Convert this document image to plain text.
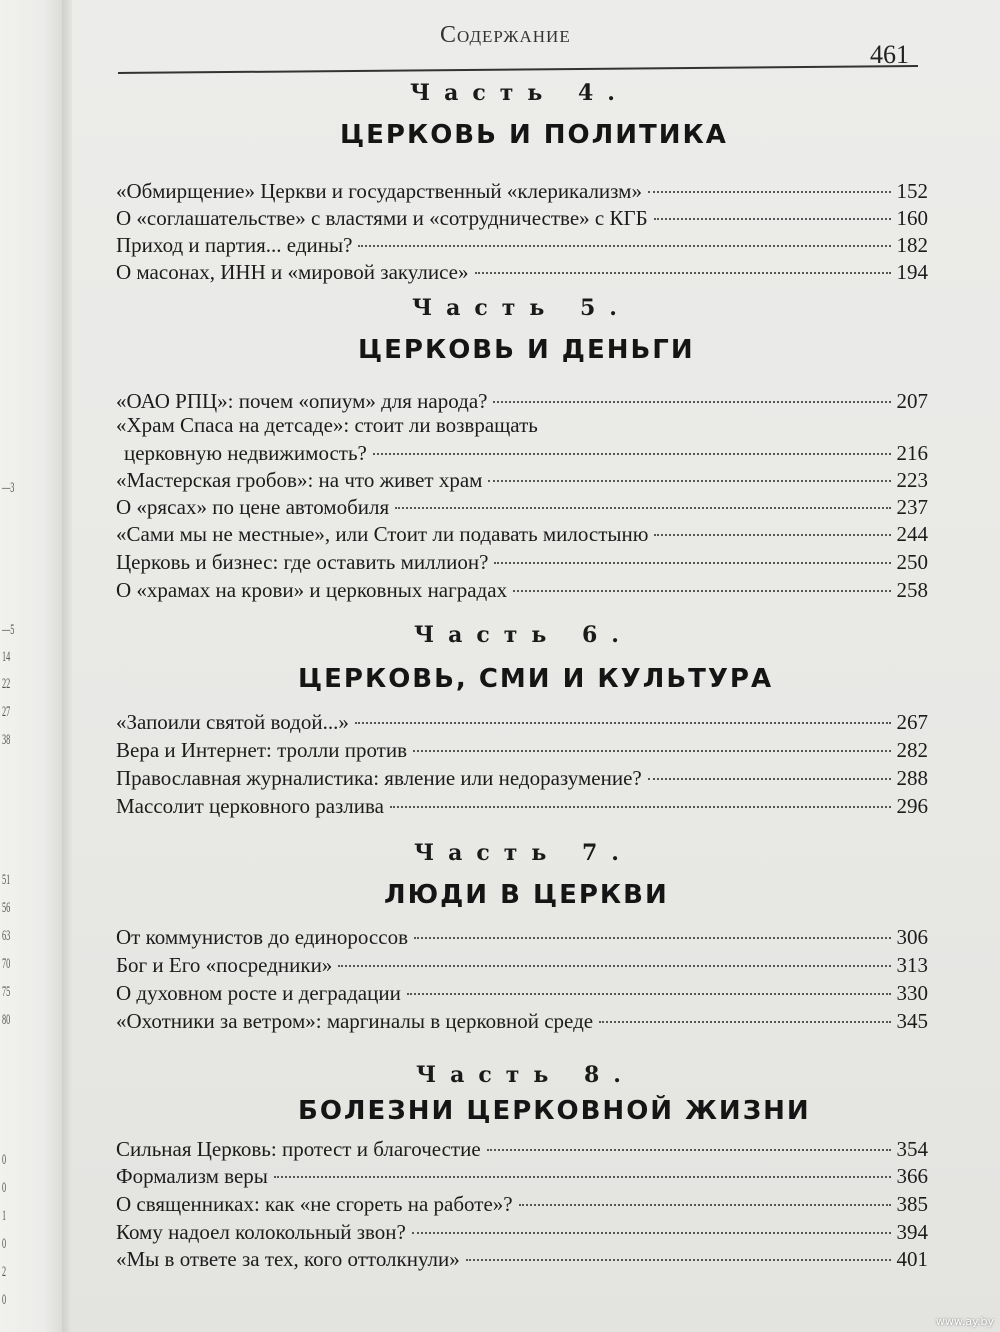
—3
—5
14
22
27
38
51
56
63
70
75
80
0
0
1
0
2
0
Содержание
461
Часть 4.
ЦЕРКОВЬ И ПОЛИТИКА
«Обмирщение» Церкви и государственный «клерикализм»	152
О «соглашательстве» с властями и «сотрудничестве» с КГБ	160
Приход и партия... едины?	182
О масонах, ИНН и «мировой закулисе»	194
Часть 5.
ЦЕРКОВЬ И ДЕНЬГИ
«ОАО РПЦ»: почем «опиум» для народа?	207
«Храм Спаса на детсаде»: стоит ли возвращать
церковную недвижимость?	216
«Мастерская гробов»: на что живет храм	223
О «рясах» по цене автомобиля	237
«Сами мы не местные», или Стоит ли подавать милостыню	244
Церковь и бизнес: где оставить миллион?	250
О «храмах на крови» и церковных наградах	258
Часть 6.
ЦЕРКОВЬ, СМИ И КУЛЬТУРА
«Запоили святой водой...»	267
Вера и Интернет: тролли против	282
Православная журналистика: явление или недоразумение?	288
Массолит церковного разлива	296
Часть 7.
ЛЮДИ В ЦЕРКВИ
От коммунистов до единороссов	306
Бог и Его «посредники»	313
О духовном росте и деградации	330
«Охотники за ветром»: маргиналы в церковной среде	345
Часть 8.
БОЛЕЗНИ ЦЕРКОВНОЙ ЖИЗНИ
Сильная Церковь: протест и благочестие	354
Формализм веры	366
О священниках: как «не сгореть на работе»?	385
Кому надоел колокольный звон?	394
«Мы в ответе за тех, кого оттолкнули»	401
www.ay.by
